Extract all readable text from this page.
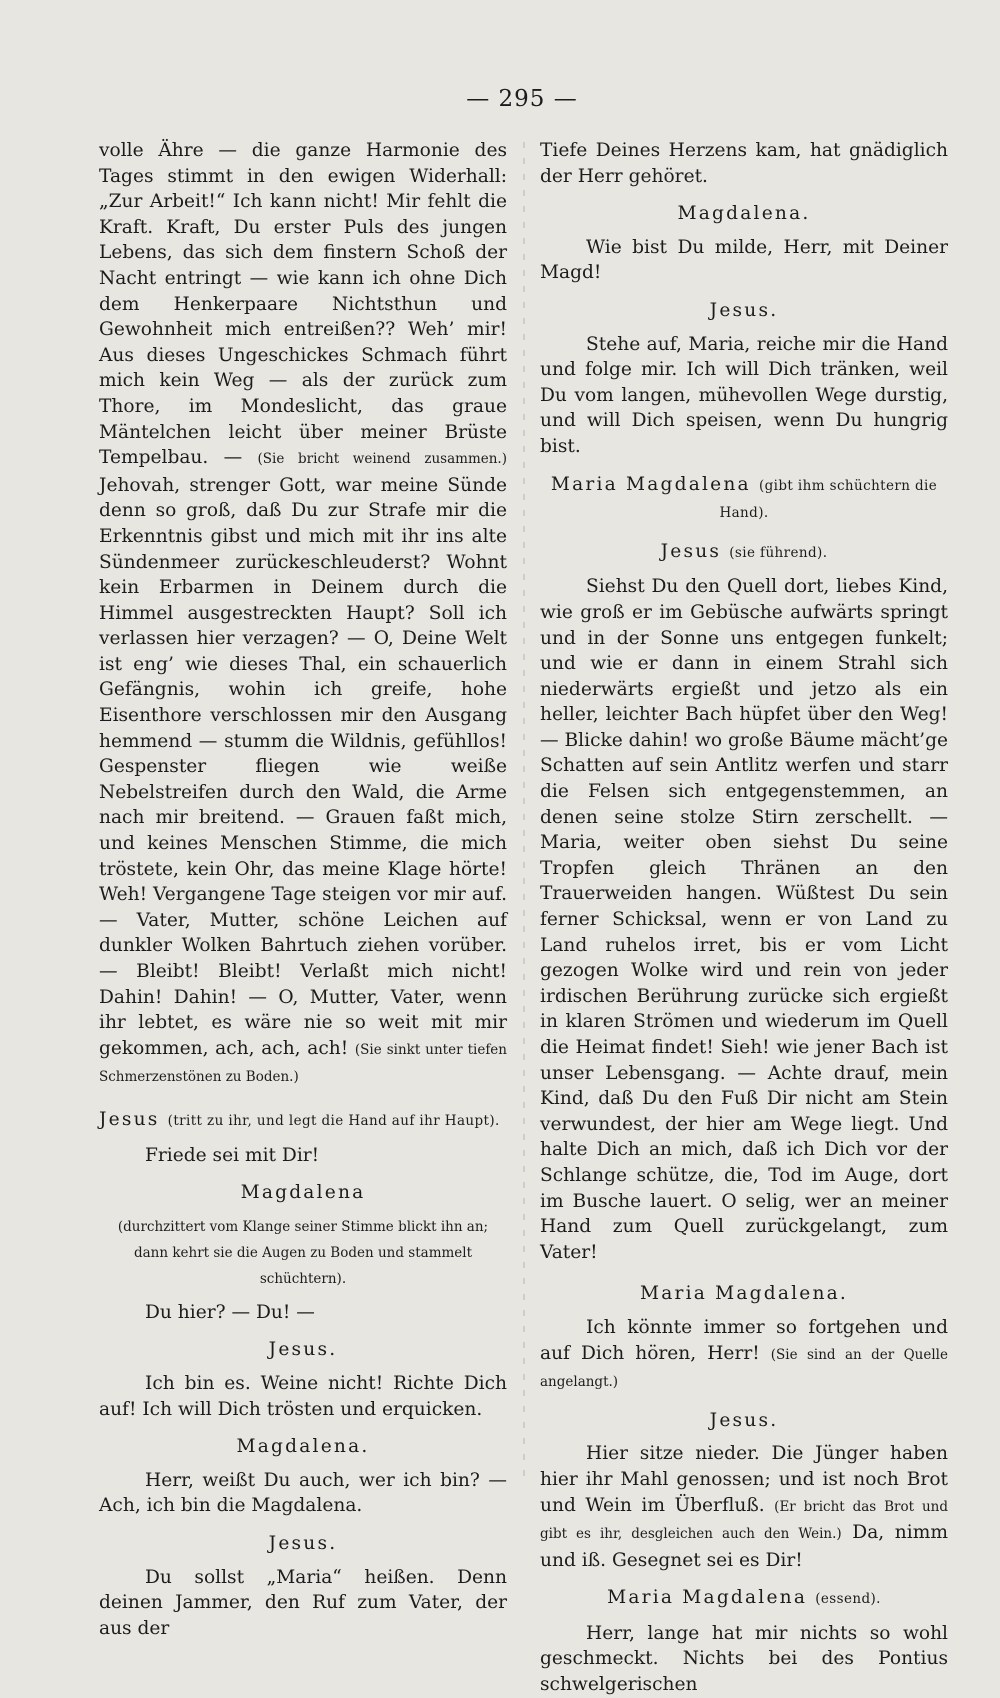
— 295 —

volle Ähre — die ganze Harmonie des Tages stimmt in den ewigen Widerhall: „Zur Arbeit!“ Ich kann nicht! Mir fehlt die Kraft. Kraft, Du erster Puls des jungen Lebens, das sich dem finstern Schoß der Nacht entringt — wie kann ich ohne Dich dem Henkerpaare Nichtsthun und Gewohnheit mich entreißen?? Weh’ mir! Aus dieses Ungeschickes Schmach führt mich kein Weg — als der zurück zum Thore, im Mondeslicht, das graue Mäntelchen leicht über meiner Brüste Tempelbau. — (Sie bricht weinend zusammen.) Jehovah, strenger Gott, war meine Sünde denn so groß, daß Du zur Strafe mir die Erkenntnis gibst und mich mit ihr ins alte Sündenmeer zurückeschleuderst? Wohnt kein Erbarmen in Deinem durch die Himmel ausgestreckten Haupt? Soll ich verlassen hier verzagen? — O, Deine Welt ist eng’ wie dieses Thal, ein schauerlich Gefängnis, wohin ich greife, hohe Eisenthore verschlossen mir den Ausgang hemmend — stumm die Wildnis, gefühllos! Gespenster fliegen wie weiße Nebelstreifen durch den Wald, die Arme nach mir breitend. — Grauen faßt mich, und keines Menschen Stimme, die mich tröstete, kein Ohr, das meine Klage hörte! Weh! Vergangene Tage steigen vor mir auf. — Vater, Mutter, schöne Leichen auf dunkler Wolken Bahrtuch ziehen vorüber. — Bleibt! Bleibt! Verlaßt mich nicht! Dahin! Dahin! — O, Mutter, Vater, wenn ihr lebtet, es wäre nie so weit mit mir gekommen, ach, ach, ach! (Sie sinkt unter tiefen Schmerzenstönen zu Boden.)

Jesus (tritt zu ihr, und legt die Hand auf ihr Haupt).

Friede sei mit Dir!

Magdalena

(durchzittert vom Klange seiner Stimme blickt ihn an; dann kehrt sie die Augen zu Boden und stammelt schüchtern).

Du hier? — Du! —

Jesus.

Ich bin es. Weine nicht! Richte Dich auf! Ich will Dich trösten und erquicken.

Magdalena.

Herr, weißt Du auch, wer ich bin? — Ach, ich bin die Magdalena.

Jesus.

Du sollst „Maria“ heißen. Denn deinen Jammer, den Ruf zum Vater, der aus der

Tiefe Deines Herzens kam, hat gnädiglich der Herr gehöret.

Magdalena.

Wie bist Du milde, Herr, mit Deiner Magd!

Jesus.

Stehe auf, Maria, reiche mir die Hand und folge mir. Ich will Dich tränken, weil Du vom langen, mühevollen Wege durstig, und will Dich speisen, wenn Du hungrig bist.

Maria Magdalena (gibt ihm schüchtern die Hand).
Jesus (sie führend).

Siehst Du den Quell dort, liebes Kind, wie groß er im Gebüsche aufwärts springt und in der Sonne uns entgegen funkelt; und wie er dann in einem Strahl sich niederwärts ergießt und jetzo als ein heller, leichter Bach hüpfet über den Weg! — Blicke dahin! wo große Bäume mächt’ge Schatten auf sein Antlitz werfen und starr die Felsen sich entgegenstemmen, an denen seine stolze Stirn zerschellt. — Maria, weiter oben siehst Du seine Tropfen gleich Thränen an den Trauerweiden hangen. Wüßtest Du sein ferner Schicksal, wenn er von Land zu Land ruhelos irret, bis er vom Licht gezogen Wolke wird und rein von jeder irdischen Berührung zurücke sich ergießt in klaren Strömen und wiederum im Quell die Heimat findet! Sieh! wie jener Bach ist unser Lebensgang. — Achte drauf, mein Kind, daß Du den Fuß Dir nicht am Stein verwundest, der hier am Wege liegt. Und halte Dich an mich, daß ich Dich vor der Schlange schütze, die, Tod im Auge, dort im Busche lauert. O selig, wer an meiner Hand zum Quell zurückgelangt, zum Vater!

Maria Magdalena.

Ich könnte immer so fortgehen und auf Dich hören, Herr! (Sie sind an der Quelle angelangt.)

Jesus.

Hier sitze nieder. Die Jünger haben hier ihr Mahl genossen; und ist noch Brot und Wein im Überfluß. (Er bricht das Brot und gibt es ihr, desgleichen auch den Wein.) Da, nimm und iß. Gesegnet sei es Dir!

Maria Magdalena (essend).

Herr, lange hat mir nichts so wohl geschmeckt. Nichts bei des Pontius schwelgerischen
